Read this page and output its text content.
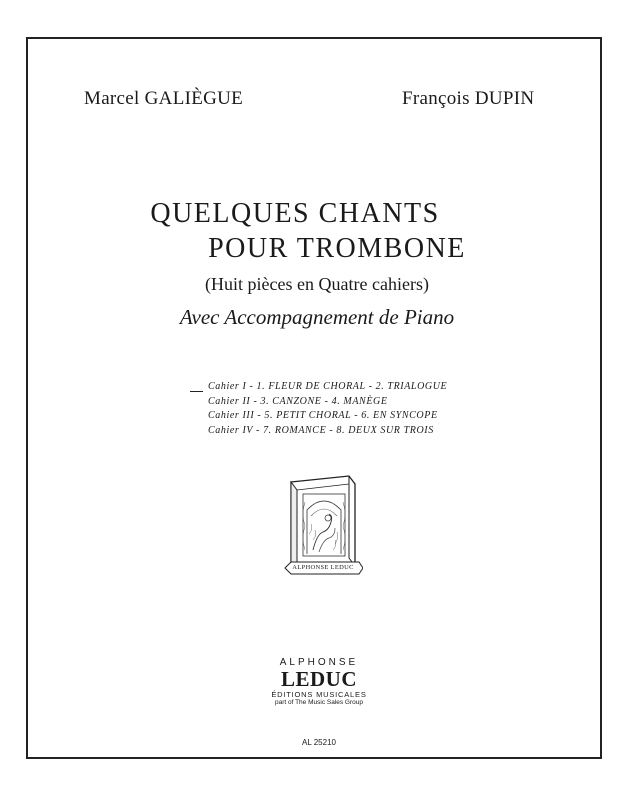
Marcel GALIÈGUE	François DUPIN
QUELQUES CHANTS
POUR TROMBONE
(Huit pièces en Quatre cahiers)
Avec Accompagnement de Piano
Cahier I - 1. FLEUR DE CHORAL - 2. TRIALOGUE
Cahier II - 3. CANZONE - 4. MANÈGE
Cahier III - 5. PETIT CHORAL - 6. EN SYNCOPE
Cahier IV - 7. ROMANCE - 8. DEUX SUR TROIS
ALPHONSE LEDUC
ALPHONSE
LEDUC
ÉDITIONS MUSICALES
part of The Music Sales Group
AL 25210
